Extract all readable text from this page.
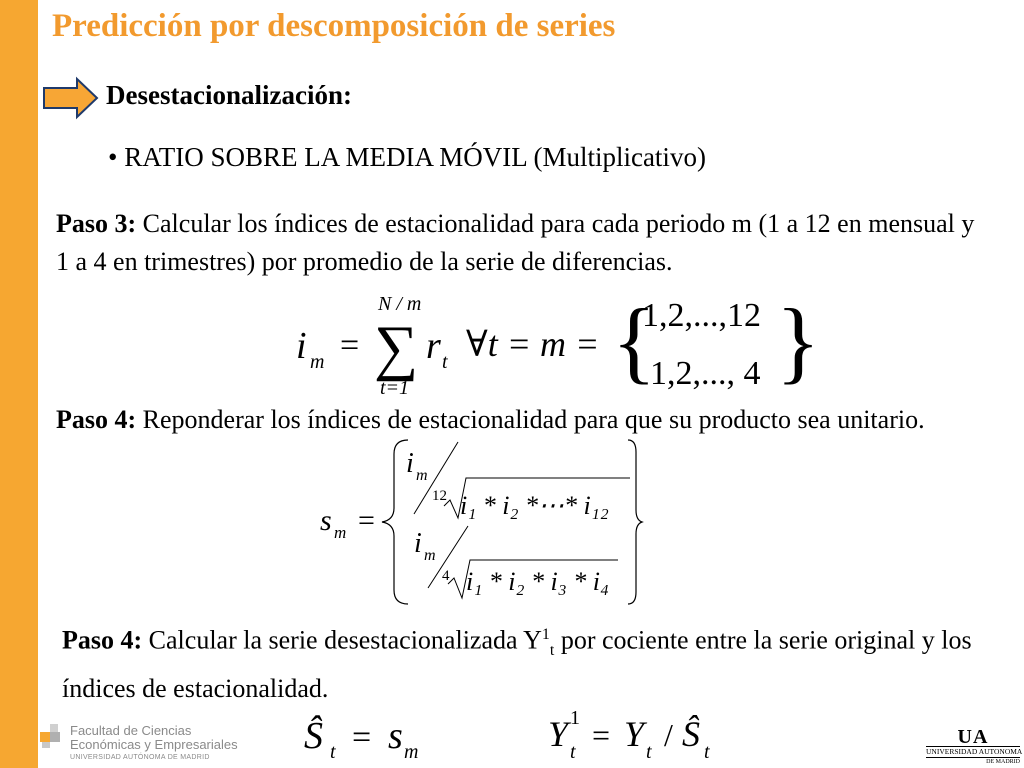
Predicción por descomposición de series
Desestacionalización:
• RATIO SOBRE LA MEDIA MÓVIL (Multiplicativo)
Paso 3: Calcular los índices de estacionalidad para cada periodo m (1 a 12 en mensual y 1 a 4 en trimestres) por promedio de la serie de diferencias.
i m =
N / m
∑
t=1
r t ∀t = m = {
1,2,...,12
1,2,..., 4 }
Paso 4: Reponderar los índices de estacionalidad para que su producto sea unitario.
s m =
i m
12 i₁ * i₂ *⋯* i₁₂
i m
4 i₁ * i₂ * i₃ * i₄
Paso 4: Calcular la serie desestacionalizada $Y^1_t$ por cociente entre la serie original y los índices de estacionalidad.
Ŝ t = s m	Y 1
t = Y t / Ŝ t
Facultad de Ciencias
Económicas y Empresariales
UNIVERSIDAD AUTÓNOMA DE MADRID
UA
UNIVERSIDAD AUTONOMA
DE MADRID
